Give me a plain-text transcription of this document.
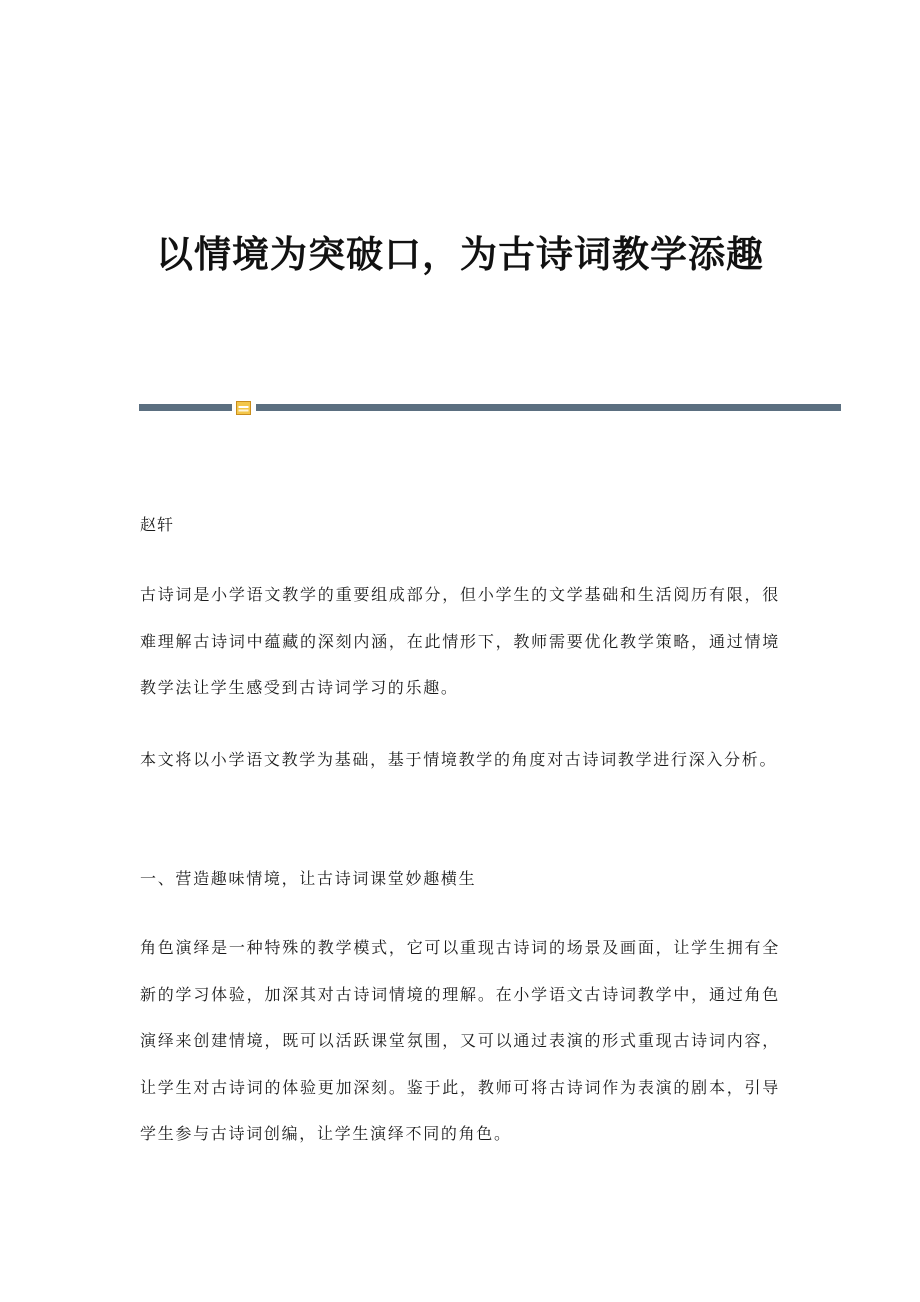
以情境为突破口，为古诗词教学添趣
赵轩

古诗词是小学语文教学的重要组成部分，但小学生的文学基础和生活阅历有限，很难理解古诗词中蕴藏的深刻内涵，在此情形下，教师需要优化教学策略，通过情境教学法让学生感受到古诗词学习的乐趣。

本文将以小学语文教学为基础，基于情境教学的角度对古诗词教学进行深入分析。

一、营造趣味情境，让古诗词课堂妙趣横生

角色演绎是一种特殊的教学模式，它可以重现古诗词的场景及画面，让学生拥有全新的学习体验，加深其对古诗词情境的理解。在小学语文古诗词教学中，通过角色演绎来创建情境，既可以活跃课堂氛围，又可以通过表演的形式重现古诗词内容，让学生对古诗词的体验更加深刻。鉴于此，教师可将古诗词作为表演的剧本，引导学生参与古诗词创编，让学生演绎不同的角色。
